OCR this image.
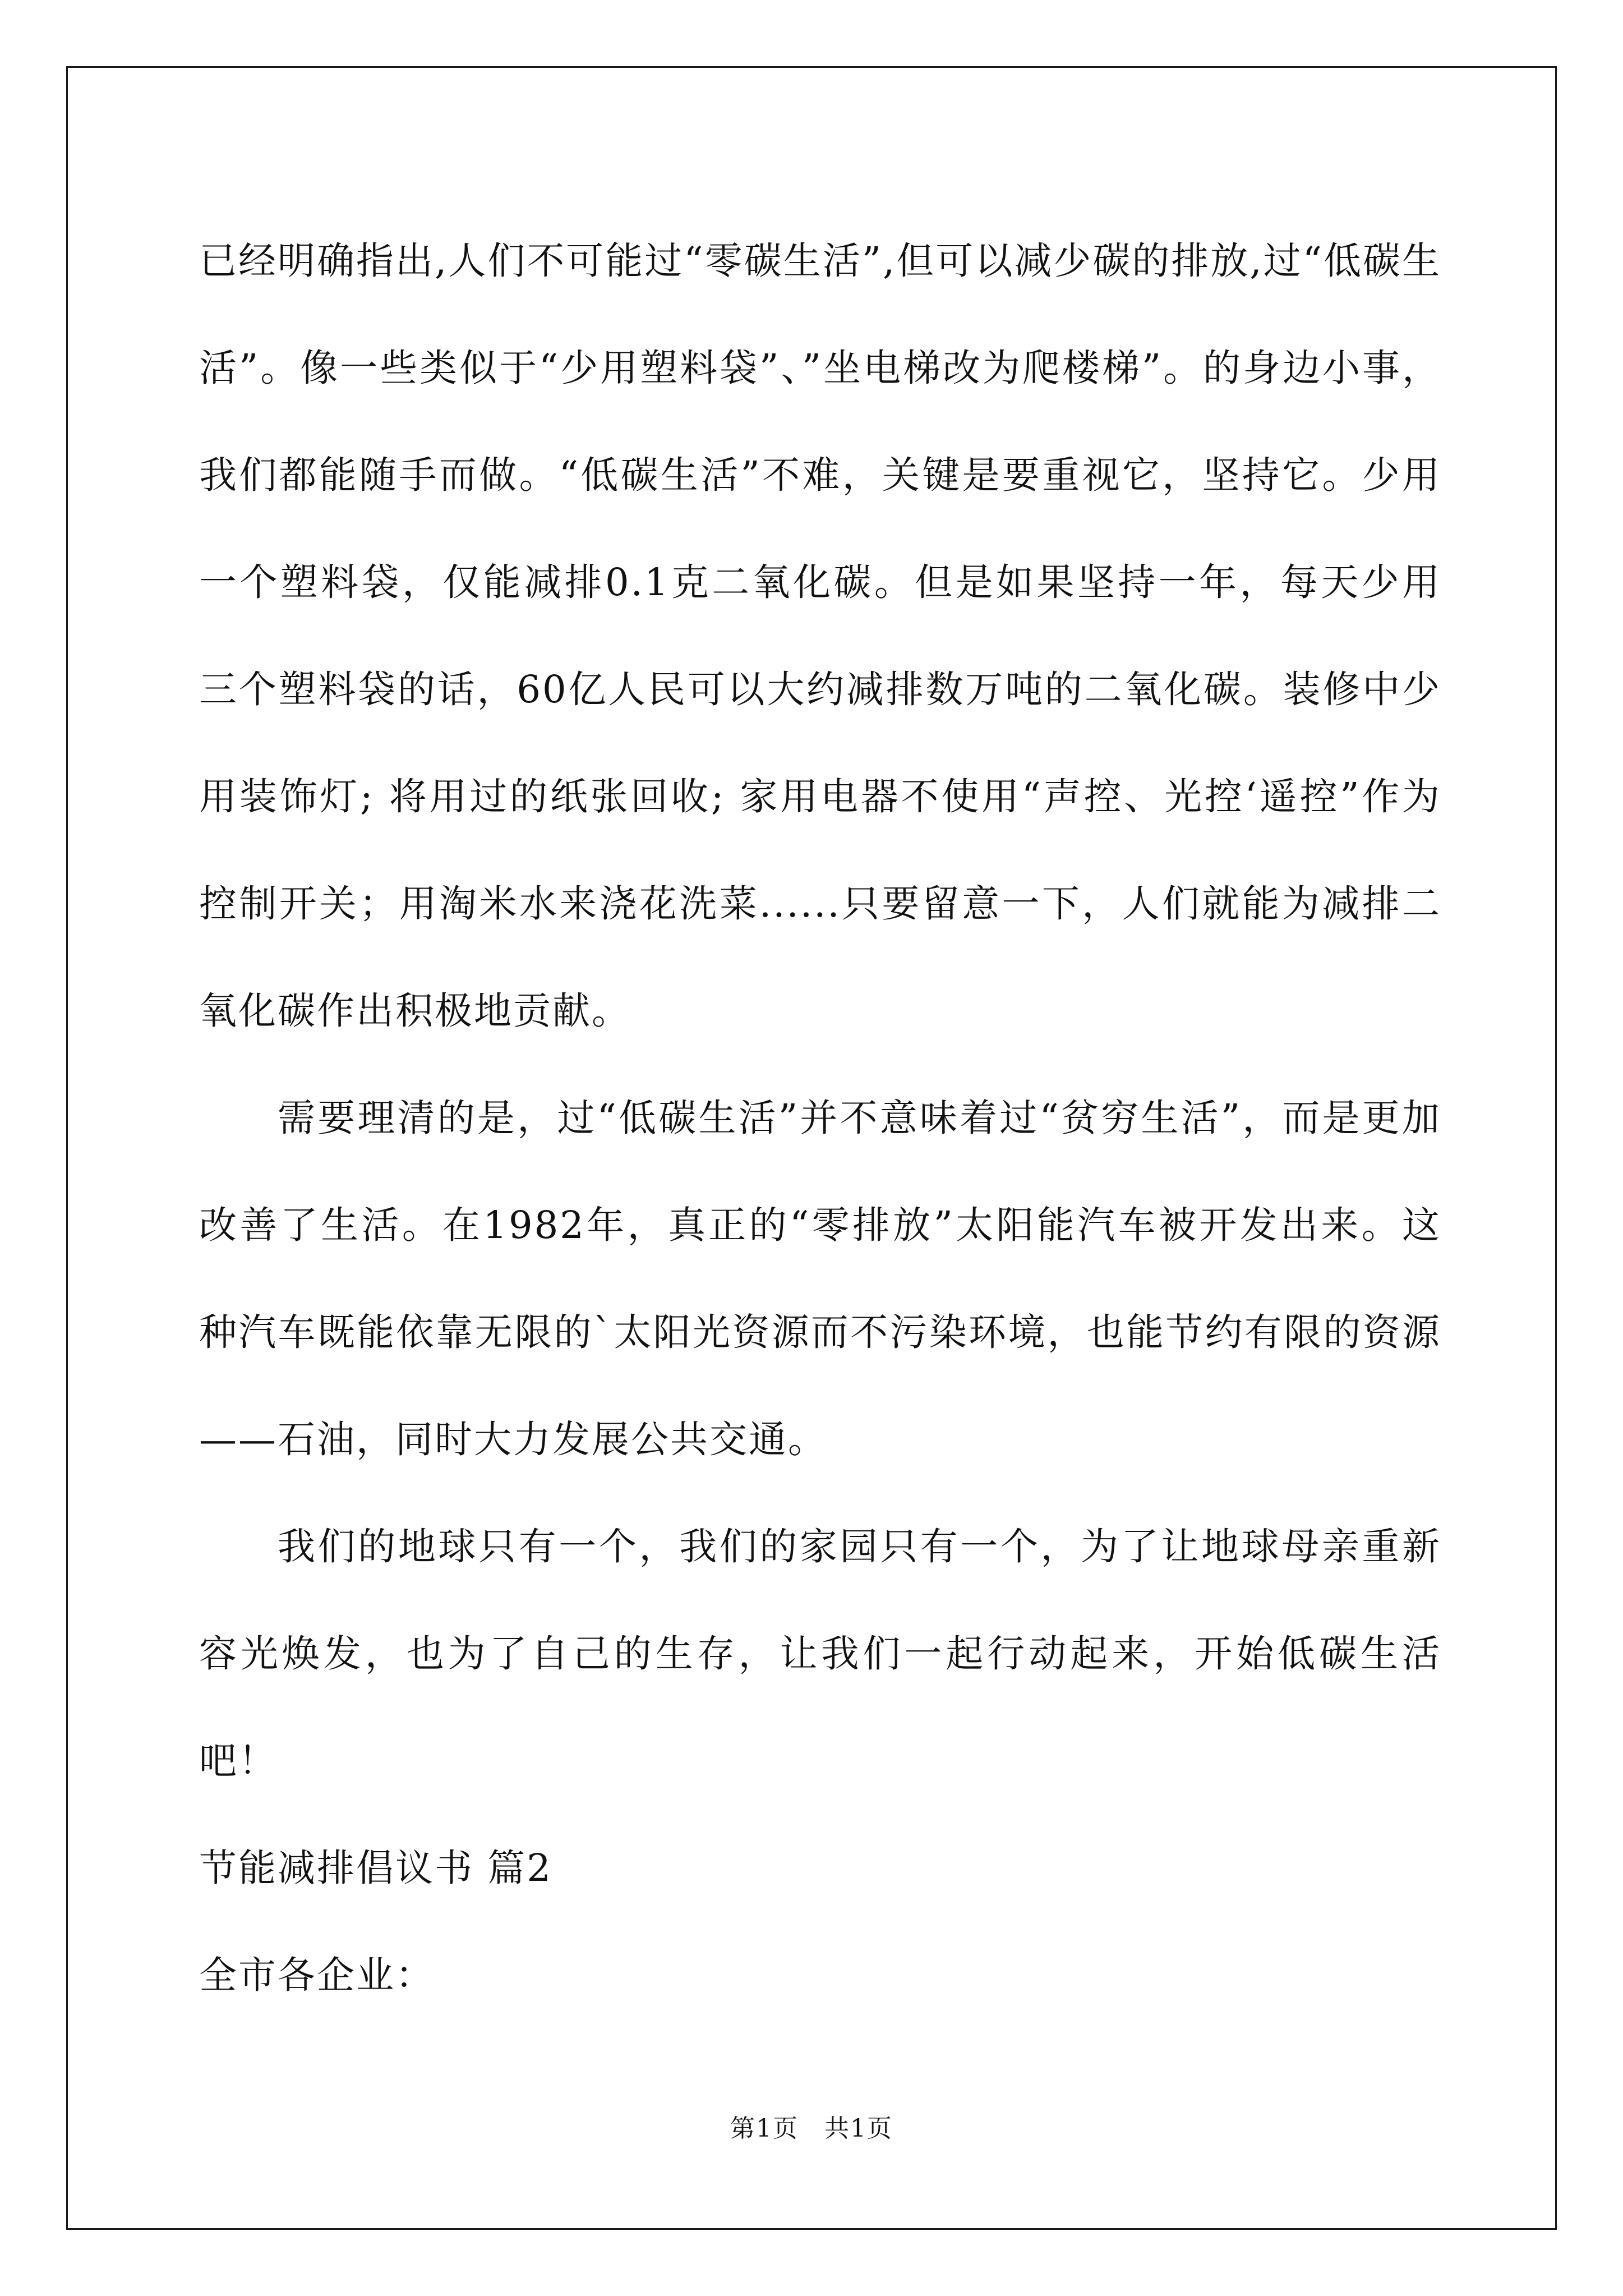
已经明确指出,人们不可能过“零碳生活”,但可以减少碳的排放,过“低碳生活”。像一些类似于“少用塑料袋”、”坐电梯改为爬楼梯”。的身边小事，我们都能随手而做。“低碳生活”不难，关键是要重视它，坚持它。少用一个塑料袋，仅能减排0.1克二氧化碳。但是如果坚持一年，每天少用三个塑料袋的话，60亿人民可以大约减排数万吨的二氧化碳。装修中少用装饰灯; 将用过的纸张回收; 家用电器不使用“声控、光控‘遥控”作为控制开关；用淘米水来浇花洗菜......只要留意一下，人们就能为减排二氧化碳作出积极地贡献。

需要理清的是，过“低碳生活”并不意味着过“贫穷生活”，而是更加改善了生活。在1982年，真正的“零排放”太阳能汽车被开发出来。这种汽车既能依靠无限的`太阳光资源而不污染环境，也能节约有限的资源——石油，同时大力发展公共交通。

我们的地球只有一个，我们的家园只有一个，为了让地球母亲重新容光焕发，也为了自己的生存，让我们一起行动起来，开始低碳生活吧！

节能减排倡议书 篇2

全市各企业：

第1页　共1页
